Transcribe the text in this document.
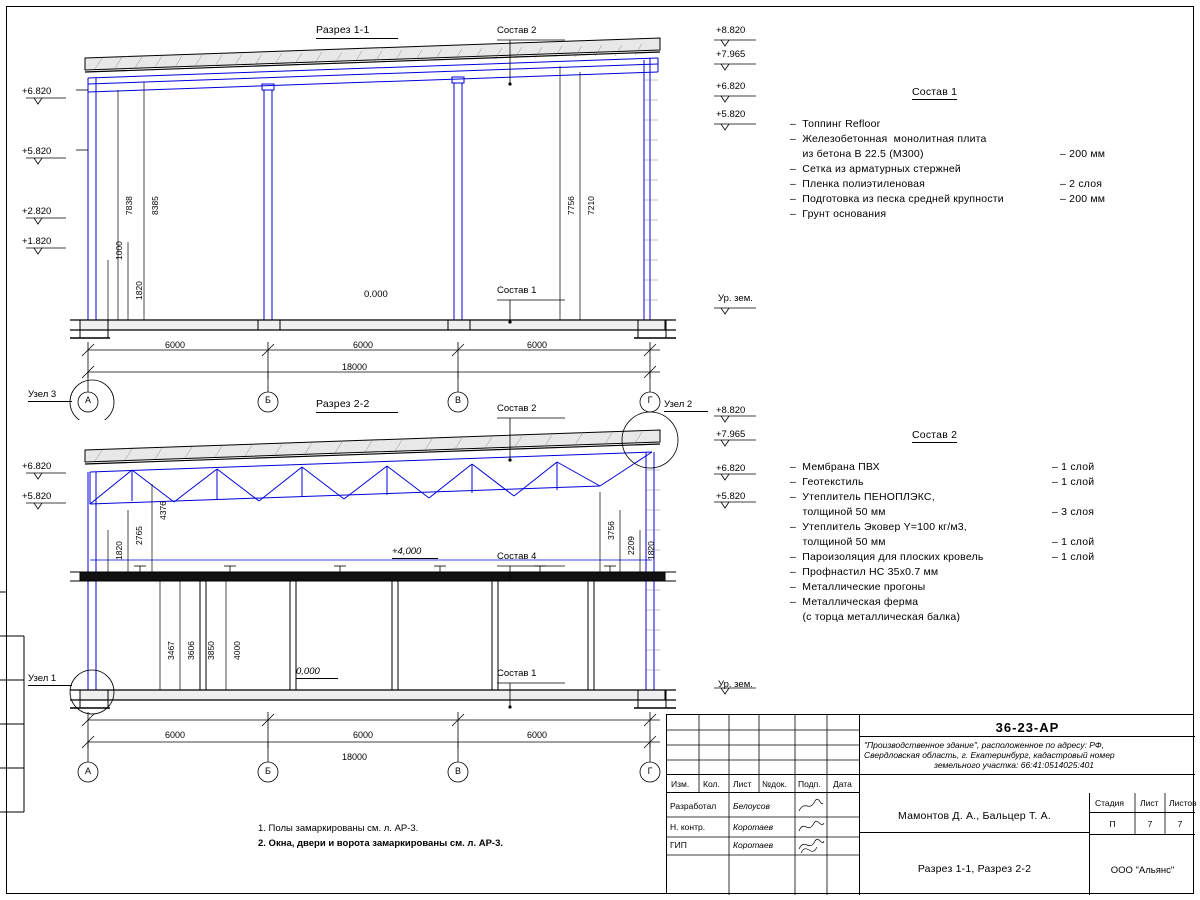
Разрез 1-1	Состав 2
Состав 1
+8.820
+7.965
+6.820
+5.820
Ур. зем.
+6.820
+5.820
+2.820
+1.820
7838 8385
1000
1820
7756 7210
0.000
6000	6000	6000
18000
А	Б	В	Г
Узел 3
Разрез 2-2	Состав 2
Состав 4
Состав 1
+8.820
+7.965
+6.820
+5.820
Ур. зем.
+6.820
+5.820
4376
2765
1820
3756
2209 1820
3467 3606 3850 4000
+4,000
0,000
6000	6000	6000
18000
А	Б	В	Г
Узел 2
Узел 1
Состав 1
–  Топпинг Refloor
–  Железобетонная  монолитная плита
из бетона В 22.5 (М300)	– 200 мм
–  Сетка из арматурных стержней
–  Пленка полиэтиленовая	– 2 слоя
–  Подготовка из песка средней крупности	– 200 мм
–  Грунт основания
Состав 2
–  Мембрана ПВХ	– 1 слой
–  Геотекстиль	– 1 слой
–  Утеплитель ПЕНОПЛЭКС,
толщиной 50 мм	– 3 слоя
–  Утеплитель Эковер Y=100 кг/м3,
толщиной 50 мм	– 1 слой
–  Пароизоляция для плоских кровель	– 1 слой
–  Профнастил НС 35х0.7 мм
–  Металлические прогоны
–  Металлическая ферма
(с торца металлическая балка)
1. Полы замаркированы см. л. АР-3.
2. Окна, двери и ворота замаркированы см. л. АР-3.
36-23-АР
"Производственное здание", расположенное по адресу: РФ,
Свердловская область, г. Екатеринбург, кадастровый номер
земельного участка: 66:41:0514025:401
Изм. Кол. Лист №док. Подп. Дата
Разработал Белоусов
Н. контр.	Коротаев
ГИП	Коротаев
Мамонтов Д. А., Бальцер Т. А.
Разрез 1-1, Разрез 2-2
Стадия Лист Листов
П	7	7
ООО "Альянс"
